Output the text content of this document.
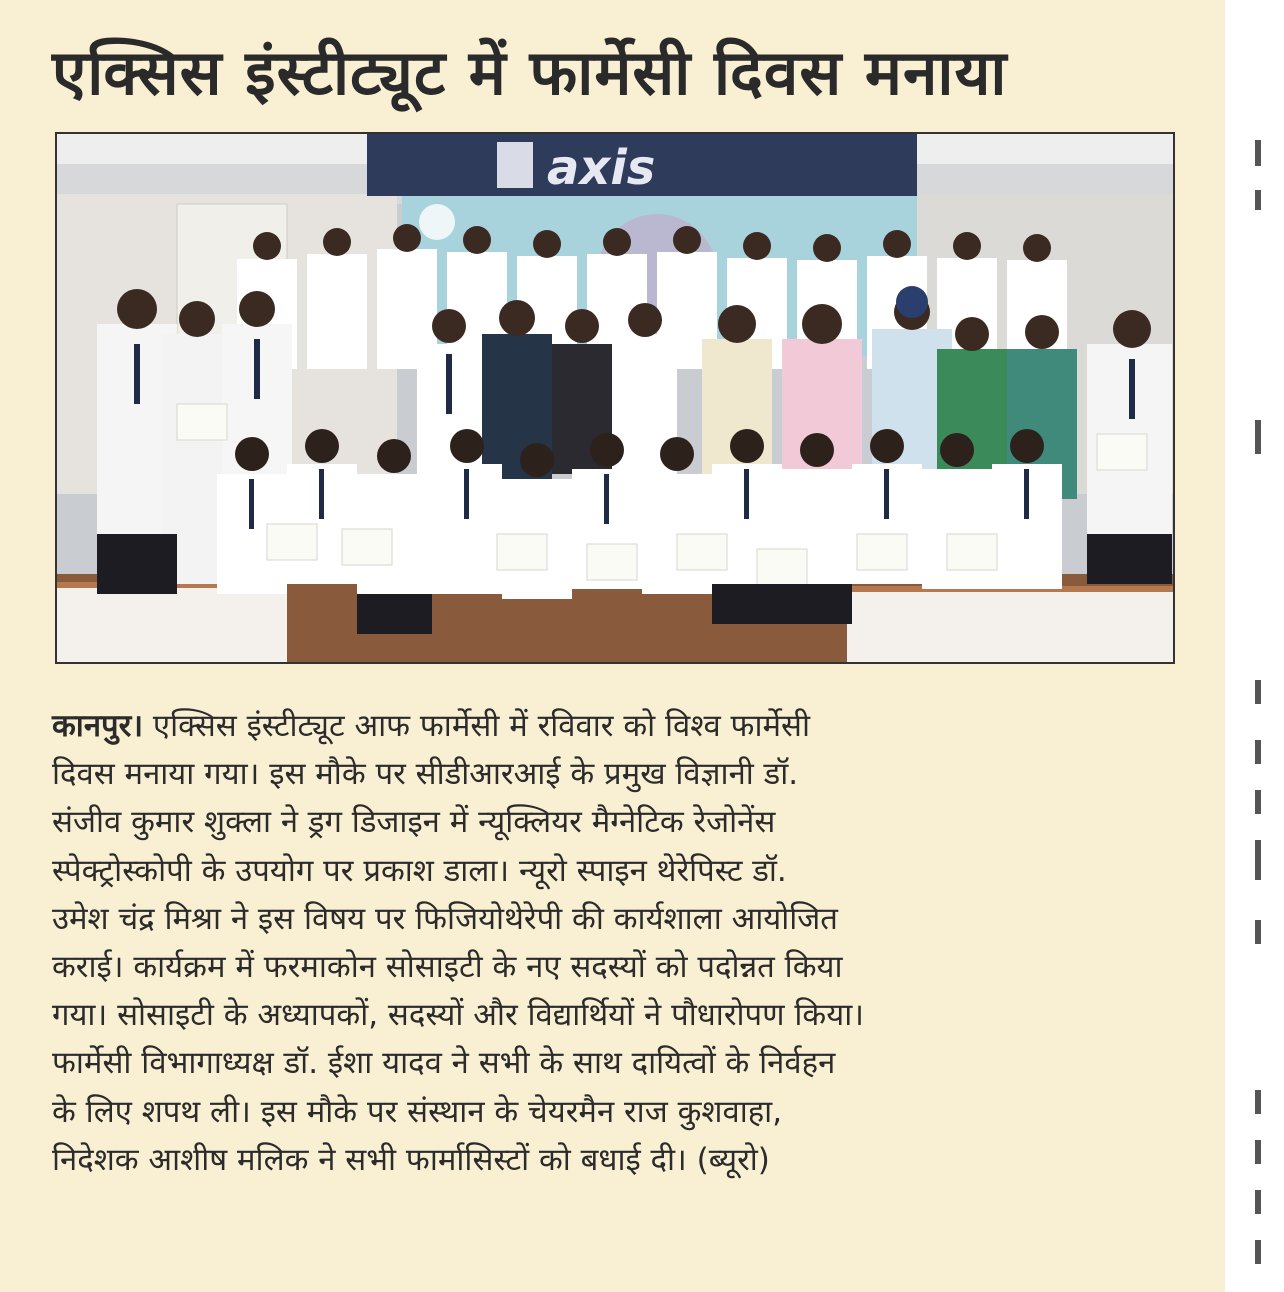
एक्सिस इंस्टीट्यूट में फार्मेसी दिवस मनाया
axis
कानपुर। एक्सिस इंस्टीट्यूट आफ फार्मेसी में रविवार को विश्व फार्मेसी
दिवस मनाया गया। इस मौके पर सीडीआरआई के प्रमुख विज्ञानी डॉ.
संजीव कुमार शुक्ला ने ड्रग डिजाइन में न्यूक्लियर मैग्नेटिक रेजोनेंस
स्पेक्ट्रोस्कोपी के उपयोग पर प्रकाश डाला। न्यूरो स्पाइन थेरेपिस्ट डॉ.
उमेश चंद्र मिश्रा ने इस विषय पर फिजियोथेरेपी की कार्यशाला आयोजित
कराई। कार्यक्रम में फरमाकोन सोसाइटी के नए सदस्यों को पदोन्नत किया
गया। सोसाइटी के अध्यापकों, सदस्यों और विद्यार्थियों ने पौधारोपण किया।
फार्मेसी विभागाध्यक्ष डॉ. ईशा यादव ने सभी के साथ दायित्वों के निर्वहन
के लिए शपथ ली। इस मौके पर संस्थान के चेयरमैन राज कुशवाहा,
निदेशक आशीष मलिक ने सभी फार्मासिस्टों को बधाई दी। (ब्यूरो)
